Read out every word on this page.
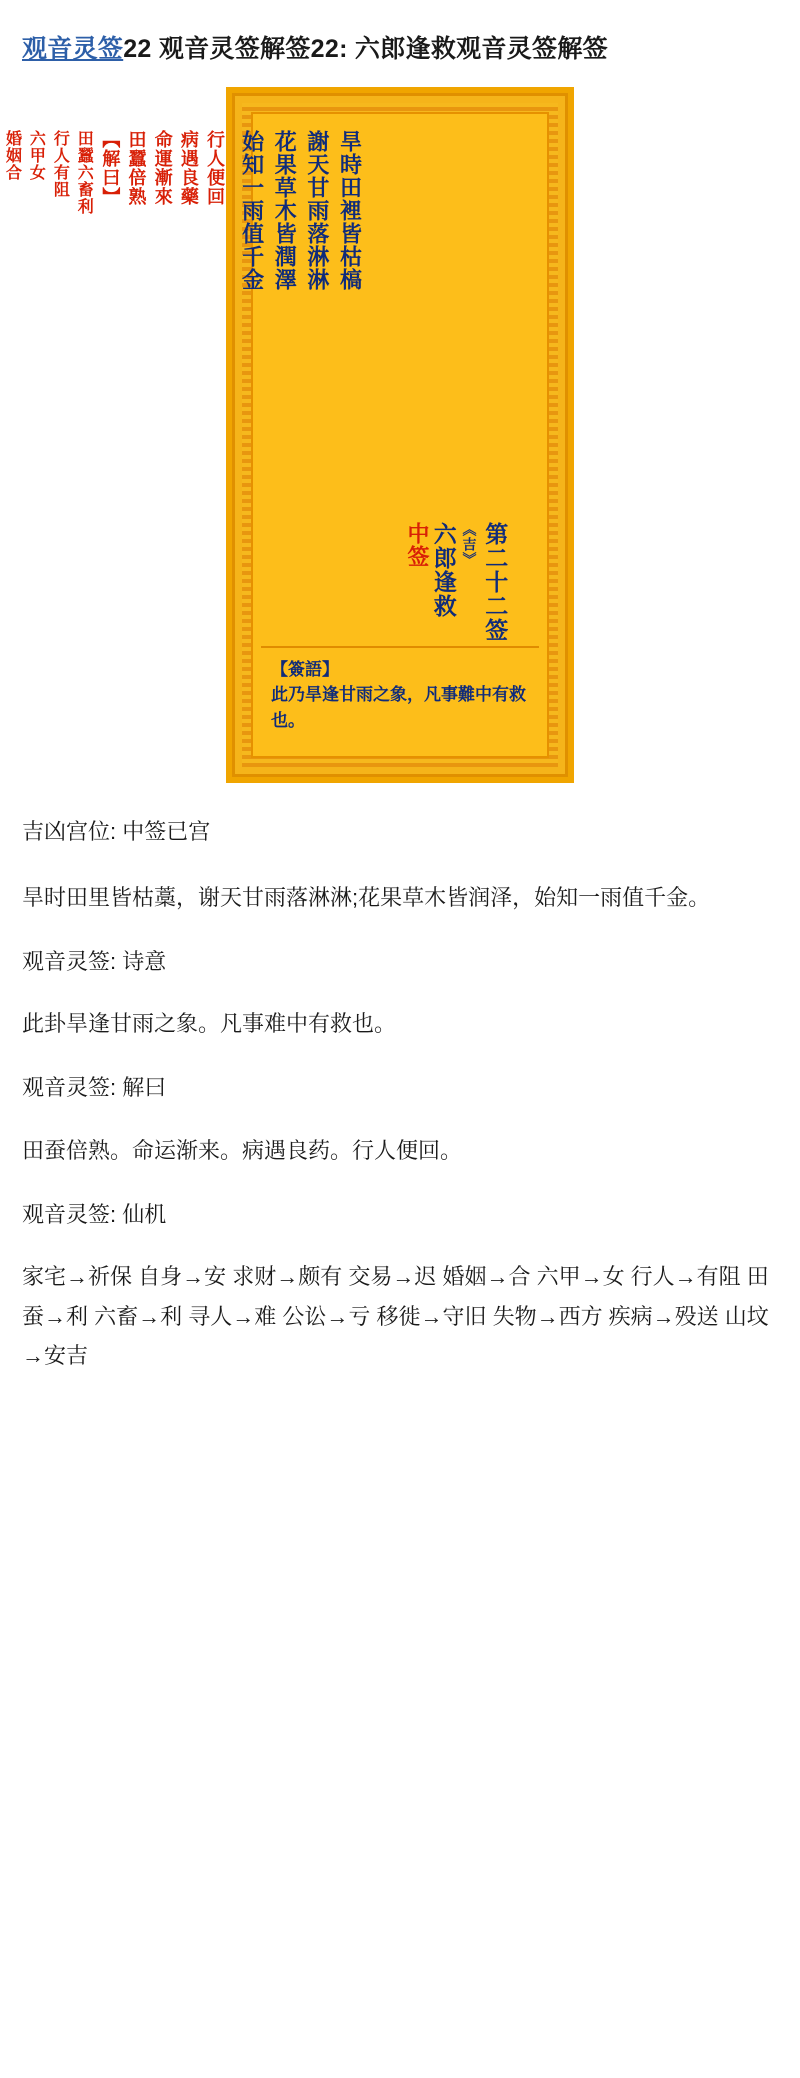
观音灵签22 观音灵签解签22: 六郎逢救观音灵签解签

第二十二签
《吉》
六郎逢救
中签

旱時田裡皆枯槁
謝天甘雨落淋淋
花果草木皆潤澤
始知一雨值千金
行人便回
病遇良藥
命運漸來
田蠶倍熟
【解曰】
田蠶六畜利
行人有阻
六甲女
婚姻合
【簽語】
此乃旱逢甘雨之象，凡事難中有救也。

吉凶宫位: 中签已宫

旱时田里皆枯藁，谢天甘雨落淋淋;花果草木皆润泽，始知一雨值千金。

观音灵签: 诗意

此卦旱逢甘雨之象。凡事难中有救也。

观音灵签: 解曰

田蚕倍熟。命运渐来。病遇良药。行人便回。

观音灵签: 仙机

家宅→祈保 自身→安 求财→颇有 交易→迟 婚姻→合 六甲→女 行人→有阻 田蚕→利 六畜→利 寻人→难 公讼→亏 移徙→守旧 失物→西方 疾病→殁送 山坟→安吉
